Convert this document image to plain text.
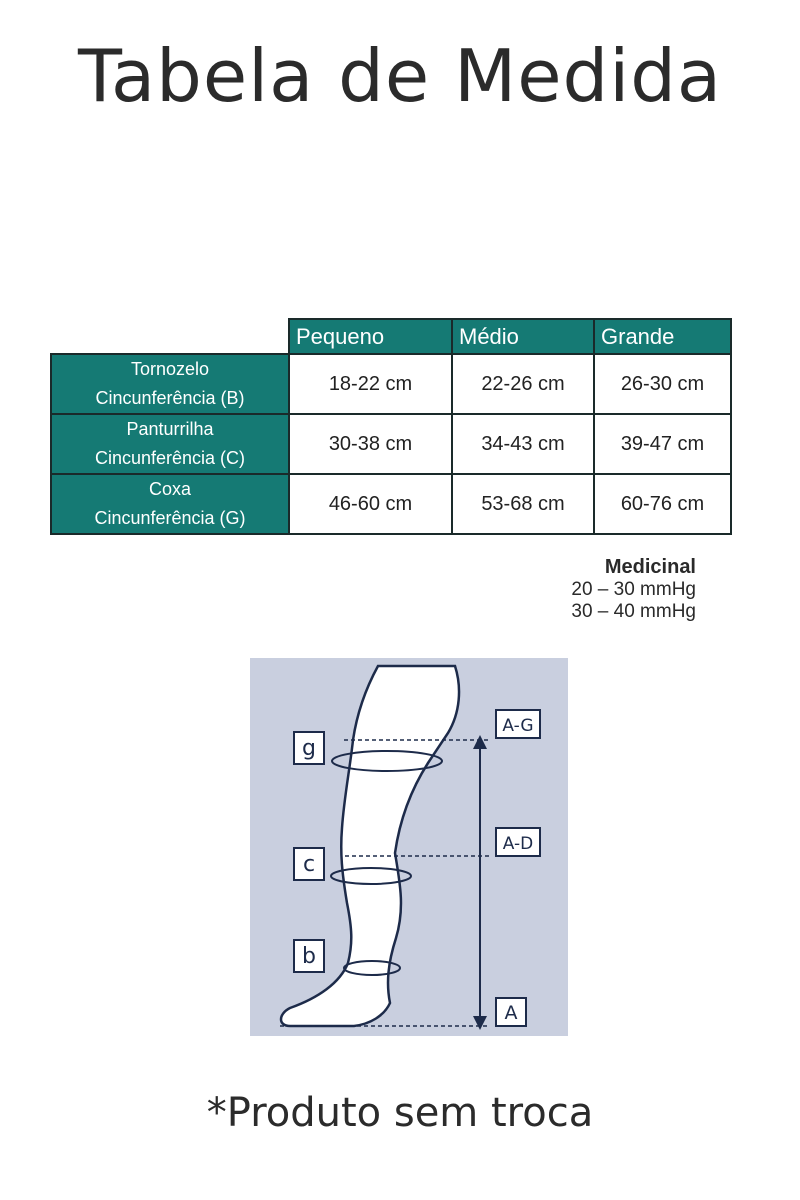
Tabela de Medida
	Pequeno	Médio	Grande

Tornozelo
Cincunferência (B)	18-22 cm	22-26 cm	26-30 cm

Panturrilha
Cincunferência (C)	30-38 cm	34-43 cm	39-47 cm

Coxa
Cincunferência (G)	46-60 cm	53-68 cm	60-76 cm
Medicinal
20 – 30 mmHg
30 – 40 mmHg
g
c
b
A-G
A-D
A
*Produto sem troca
